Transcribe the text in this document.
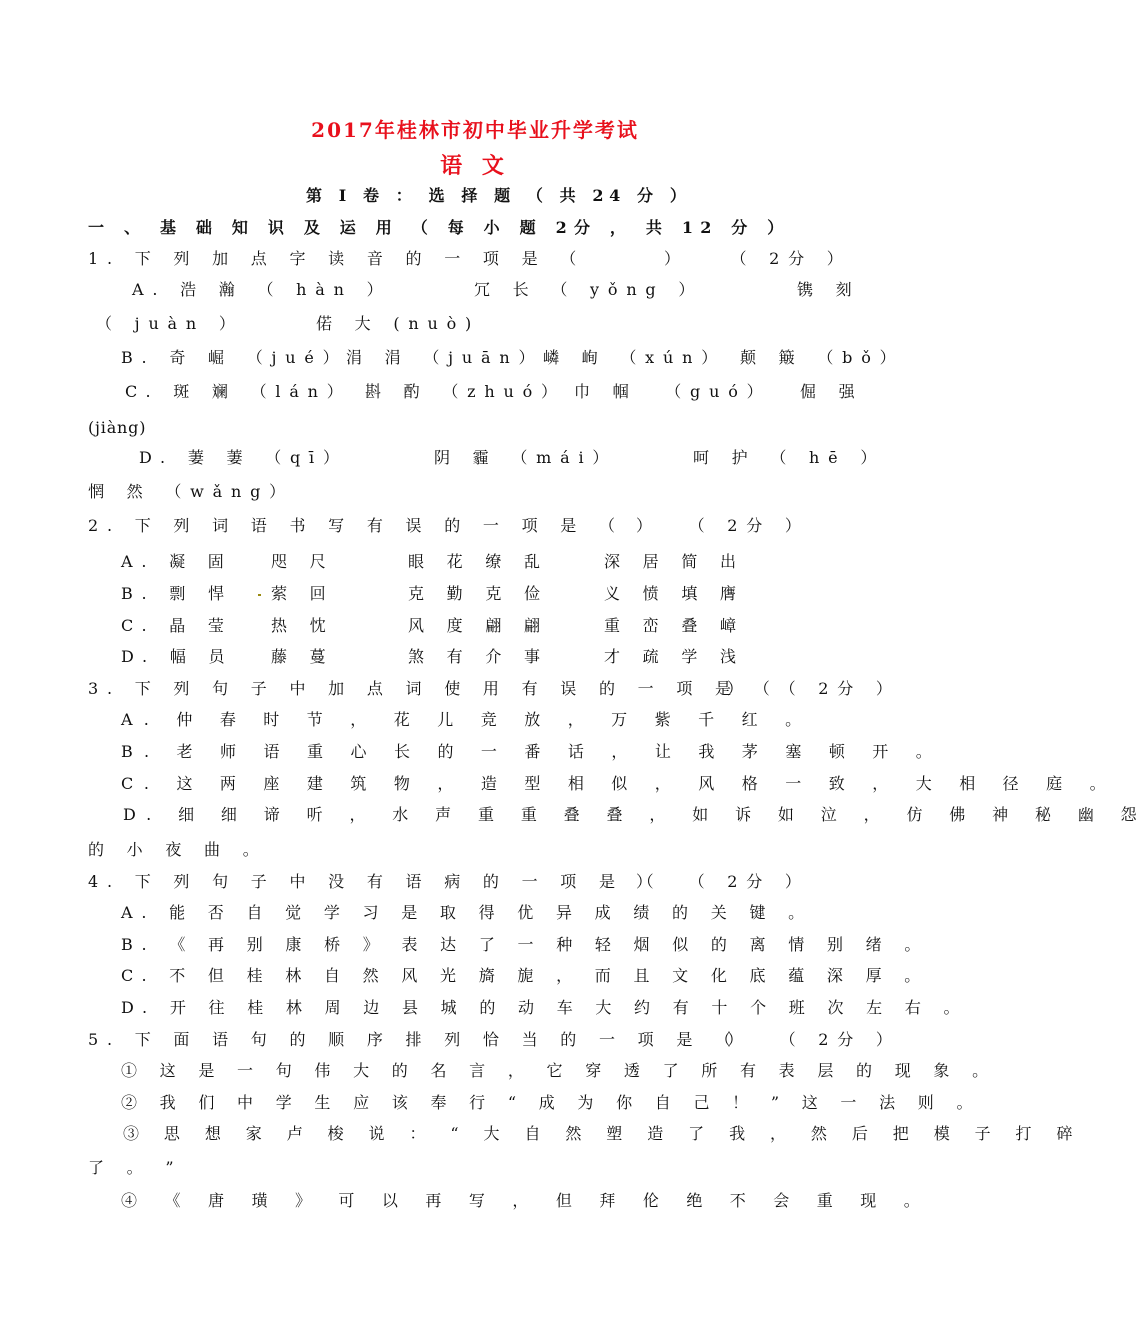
2017年桂林市初中毕业升学考试
语 文
第 I 卷 ： 选 择 题 （ 共 24 分 ）
一 、 基 础 知 识 及 运 用 （ 每 小 题 2分 ， 共 12 分 ）
1. 下 列 加 点 字 读 音 的 一 项 是 （	）   （ 2分 ）
A. 浩 瀚 （ hàn ）	冗 长 （ yǒng ）	镌 刻
（ juàn ）	偌 大 (nuò)
B. 奇 崛 （jué）
涓 涓 （juān） 嶙 峋 （xún） 颠 簸 （bǒ）
C. 斑 斓 （lán） 斟 酌 （zhuó） 巾 帼  （guó） 倔 强
(jiàng)
D. 萋 萋 （qī）	阴 霾 （mái）	呵 护 （ hē ）
惘 然 （wǎng）
2. 下 列 词 语 书 写 有 误 的 一 项 是 （ ）  （ 2分 ）
A. 凝 固 咫 尺	眼 花 缭 乱	深 居 简 出
B. 剽 悍 萦 回	克 勤 克 俭	义 愤 填 膺
C. 晶 莹 热 忱	风 度 翩 翩	重 峦 叠 嶂
D. 幅 员 藤 蔓	煞 有 介 事	才 疏 学 浅
3. 下 列 句 子 中 加 点 词 使 用 有 误 的 一 项 是 （
）  （ 2分 ）
A. 仲 春 时 节 ， 花 儿 竞 放 ， 万 紫 千 红 。
B. 老 师 语 重 心 长 的 一 番 话 ， 让 我 茅 塞 顿 开 。
C. 这 两 座 建 筑 物 ， 造 型 相 似 ， 风 格 一 致 ， 大 相 径 庭 。
D. 细 细 谛 听 ， 水 声 重 重 叠 叠 ， 如 诉 如 泣 ， 仿 佛 神 秘 幽 怨
的 小 夜 曲 。
4. 下 列 句 子 中 没 有 语 病 的 一 项 是 （
）  （ 2分 ）
A. 能 否 自 觉 学 习 是 取 得 优 异 成 绩 的 关 键 。
B. 《 再 别 康 桥 》 表 达 了 一 种 轻 烟 似 的 离 情 别 绪 。
C. 不 但 桂 林 自 然 风 光 旖 旎 ， 而 且 文 化 底 蕴 深 厚 。
D. 开 往 桂 林 周 边 县 城 的 动 车 大 约 有 十 个 班 次 左 右 。
5. 下 面 语 句 的 顺 序 排 列 恰 当 的 一 项 是 （
）  （ 2分 ）
① 这 是 一 句 伟 大 的 名 言 ， 它 穿 透 了 所 有 表 层 的 现 象 。
② 我 们 中 学 生 应 该 奉 行 “ 成 为 你 自 己 ！ ” 这 一 法 则 。
③ 思 想 家 卢 梭 说 ： “ 大 自 然 塑 造 了 我 ， 然 后 把 模 子 打 碎
了 。 ”
④ 《 唐 璜 》 可 以 再 写 ， 但 拜 伦 绝 不 会 重 现 。
